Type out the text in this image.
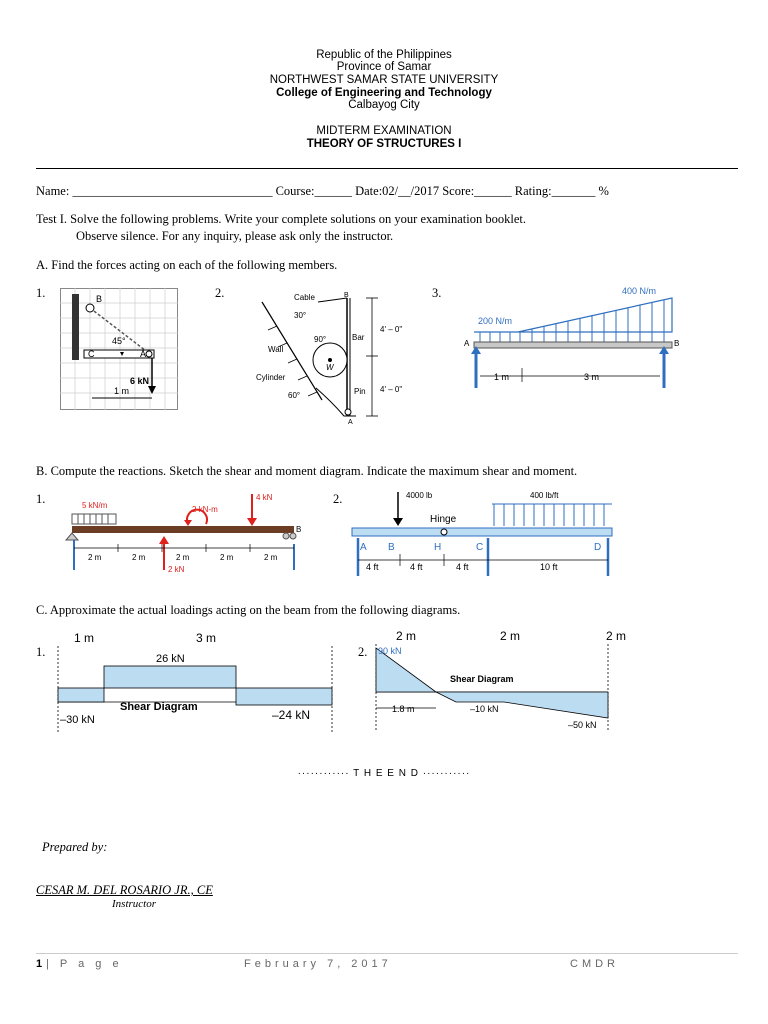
Republic of the Philippines
Province of Samar
NORTHWEST SAMAR STATE UNIVERSITY
College of Engineering and Technology
Calbayog City
MIDTERM EXAMINATION
THEORY OF STRUCTURES I
Name: ________________________________ Course:______ Date:02/__/2017 Score:______ Rating:_______ %
Test I. Solve the following problems. Write your complete solutions on your examination booklet.
Observe silence. For any inquiry, please ask only the instructor.
A. Find the forces acting on each of the following members.
1.	2.	3.
B
C	A
45°
6 kN
1 m
Cable	B
30°
90°
Wall
Bar
W
Cylinder
Pin
60°
4' – 0"
4' – 0"
A
200 N/m
400 N/m
A	B
1 m	3 m
B. Compute the reactions. Sketch the shear and moment diagram. Indicate the maximum shear and moment.
1.	2.
5 kN/m	2 kN-m
4 kN
2 kN
B
2 m	2 m	2 m	2 m	2 m
4000 lb	400 lb/ft
Hinge
A B	H	C	D
4 ft	4 ft	4 ft	10 ft
C. Approximate the actual loadings acting on the beam from the following diagrams.
1.	2.
1 m	3 m
26 kN
–30 kN	–24 kN
Shear Diagram
2 m	2 m	2 m
90 kN
Shear Diagram
1.8 m	–10 kN
–50 kN
············ T H E E N D ···········
Prepared by:
CESAR M. DEL ROSARIO JR., CE
Instructor
1 | P a g e	February 7, 2017	CMDR
